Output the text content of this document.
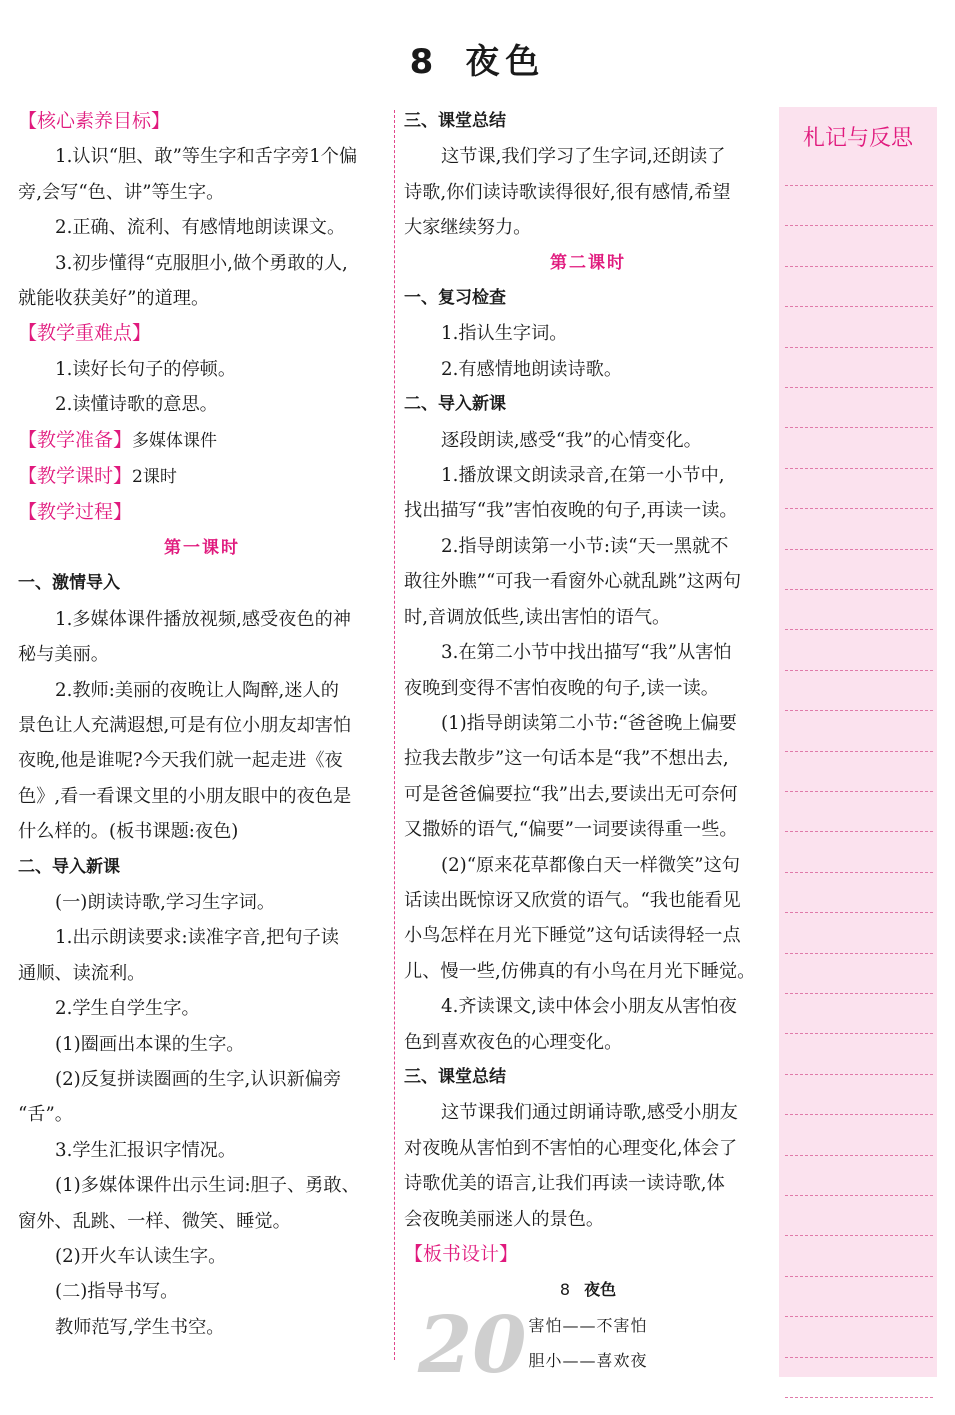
8 夜色
【核心素养目标】
1.认识“胆、敢”等生字和舌字旁1个偏
旁,会写“色、讲”等生字。
2.正确、流利、有感情地朗读课文。
3.初步懂得“克服胆小,做个勇敢的人,
就能收获美好”的道理。
【教学重难点】
1.读好长句子的停顿。
2.读懂诗歌的意思。
【教学准备】多媒体课件
【教学课时】2课时
【教学过程】
第一课时
一、激情导入
1.多媒体课件播放视频,感受夜色的神
秘与美丽。
2.教师:美丽的夜晚让人陶醉,迷人的
景色让人充满遐想,可是有位小朋友却害怕
夜晚,他是谁呢?今天我们就一起走进《夜
色》,看一看课文里的小朋友眼中的夜色是
什么样的。(板书课题:夜色)
二、导入新课
(一)朗读诗歌,学习生字词。
1.出示朗读要求:读准字音,把句子读
通顺、读流利。
2.学生自学生字。
(1)圈画出本课的生字。
(2)反复拼读圈画的生字,认识新偏旁
“舌”。
3.学生汇报识字情况。
(1)多媒体课件出示生词:胆子、勇敢、
窗外、乱跳、一样、微笑、睡觉。
(2)开火车认读生字。
(二)指导书写。
教师范写,学生书空。
三、课堂总结
这节课,我们学习了生字词,还朗读了
诗歌,你们读诗歌读得很好,很有感情,希望
大家继续努力。
第二课时
一、复习检查
1.指认生字词。
2.有感情地朗读诗歌。
二、导入新课
逐段朗读,感受“我”的心情变化。
1.播放课文朗读录音,在第一小节中,
找出描写“我”害怕夜晚的句子,再读一读。
2.指导朗读第一小节:读“天一黑就不
敢往外瞧”“可我一看窗外心就乱跳”这两句
时,音调放低些,读出害怕的语气。
3.在第二小节中找出描写“我”从害怕
夜晚到变得不害怕夜晚的句子,读一读。
(1)指导朗读第二小节:“爸爸晚上偏要
拉我去散步”这一句话本是“我”不想出去,
可是爸爸偏要拉“我”出去,要读出无可奈何
又撒娇的语气,“偏要”一词要读得重一些。
(2)“原来花草都像白天一样微笑”这句
话读出既惊讶又欣赏的语气。“我也能看见
小鸟怎样在月光下睡觉”这句话读得轻一点
儿、慢一些,仿佛真的有小鸟在月光下睡觉。
4.齐读课文,读中体会小朋友从害怕夜
色到喜欢夜色的心理变化。
三、课堂总结
这节课我们通过朗诵诗歌,感受小朋友
对夜晚从害怕到不害怕的心理变化,体会了
诗歌优美的语言,让我们再读一读诗歌,体
会夜晚美丽迷人的景色。
【板书设计】
8 夜色
害怕——不害怕
胆小——喜欢夜
20
札记与反思
